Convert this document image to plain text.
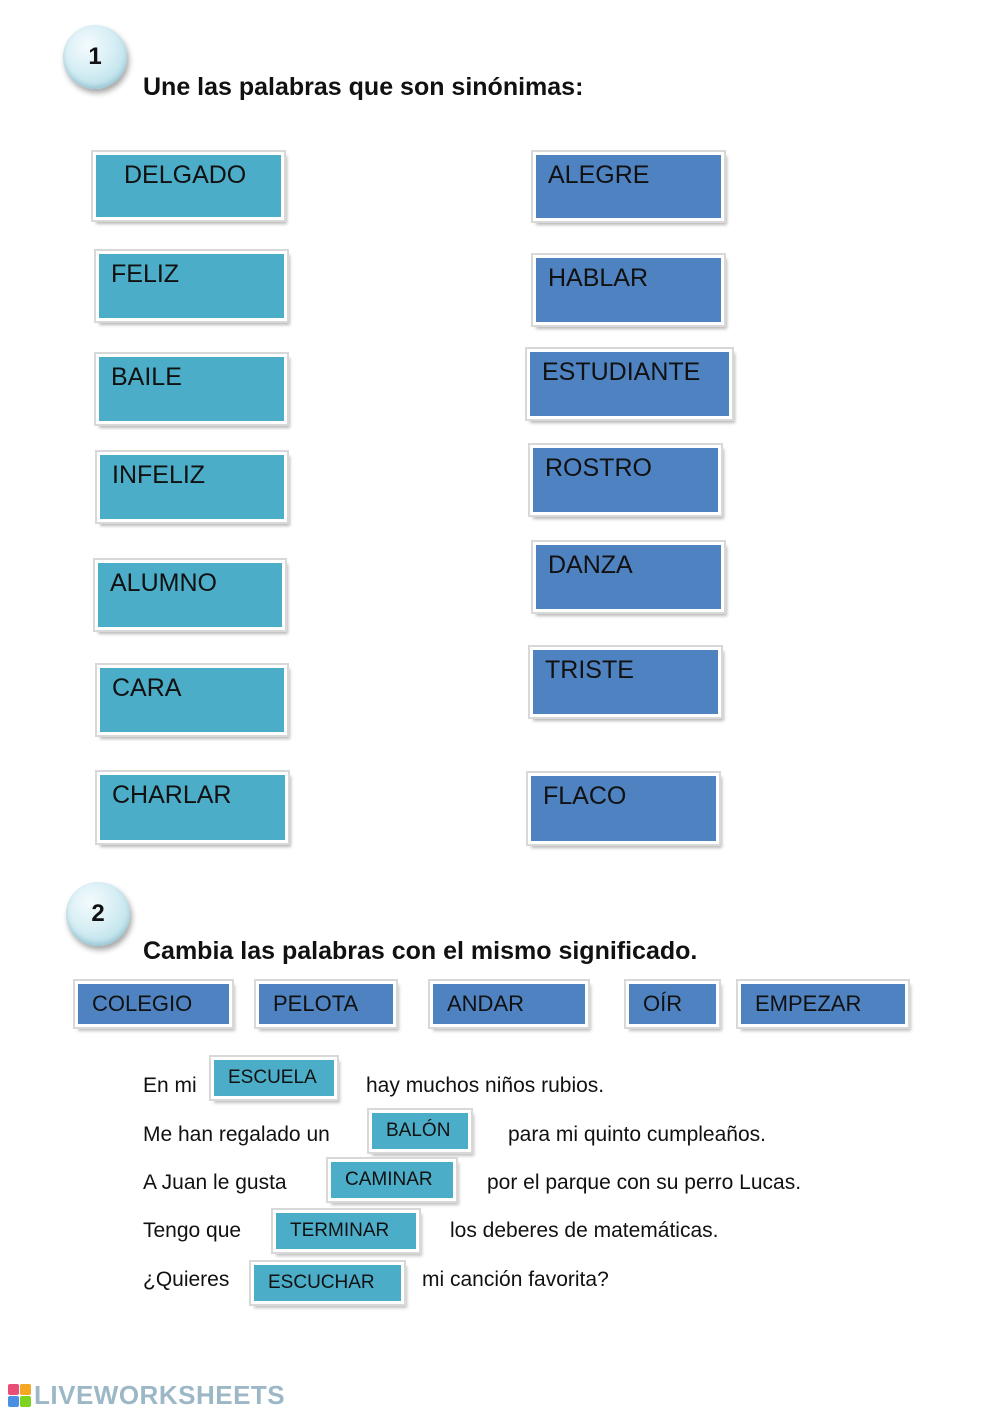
1
Une las palabras que son sinónimas:
DELGADO
FELIZ
BAILE
INFELIZ
ALUMNO
CARA
CHARLAR
ALEGRE
HABLAR
ESTUDIANTE
ROSTRO
DANZA
TRISTE
FLACO
2
Cambia las palabras con el mismo significado.
COLEGIO	PELOTA	ANDAR	OÍR	EMPEZAR
En mi	ESCUELA	hay muchos niños rubios.
Me han regalado un	BALÓN	para mi quinto cumpleaños.
A Juan le gusta	CAMINAR	por el parque con su perro Lucas.
Tengo que	TERMINAR	los deberes de matemáticas.
¿Quieres	ESCUCHAR	mi canción favorita?
LIVEWORKSHEETS
